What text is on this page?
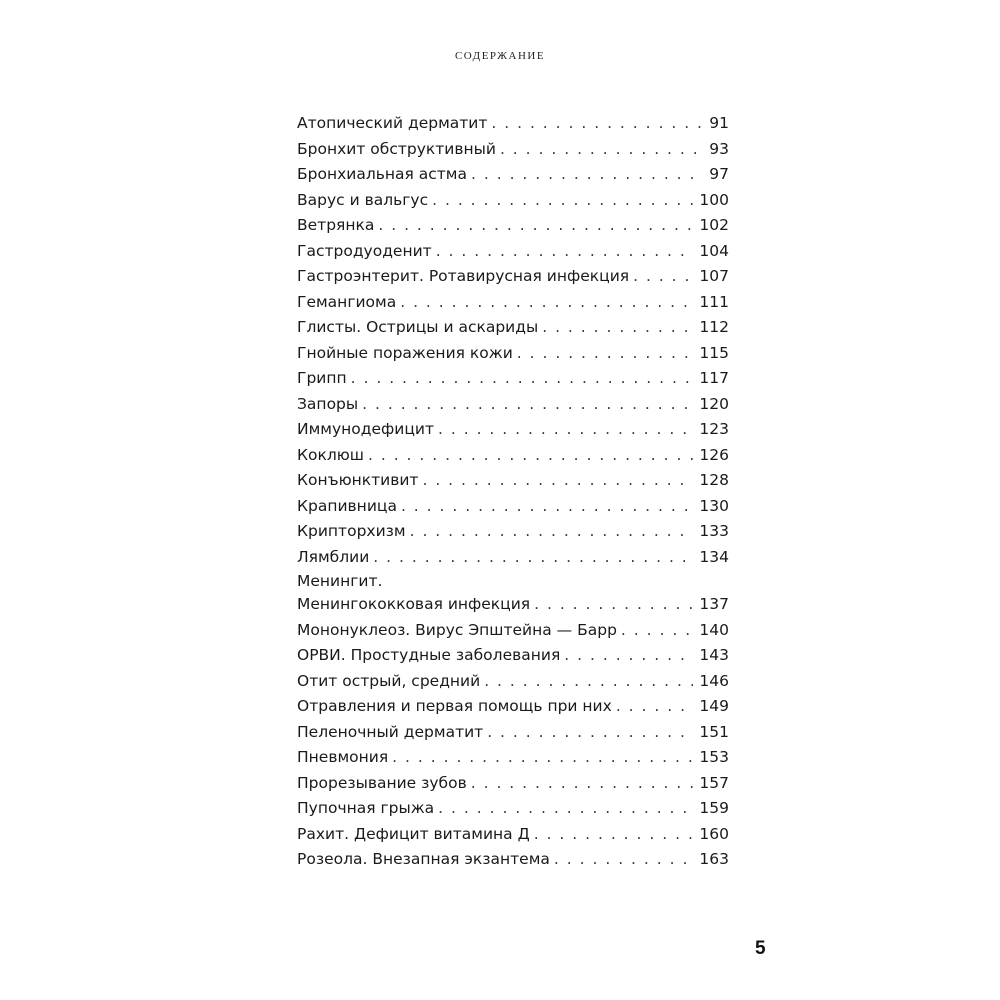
СОДЕРЖАНИЕ
Атопический дерматит . . .	91
Бронхит обструктивный . . .	93
Бронхиальная астма . . .	97
Варус и вальгус . . .	100
Ветрянка . . .	102
Гастродуоденит . . .	104
Гастроэнтерит. Ротавирусная инфекция . . .	107
Гемангиома . . .	111
Глисты. Острицы и аскариды . . .	112
Гнойные поражения кожи . . .	115
Грипп . . .	117
Запоры . . .	120
Иммунодефицит . . .	123
Коклюш . . .	126
Конъюнктивит . . .	128
Крапивница . . .	130
Крипторхизм . . .	133
Лямблии . . .	134
Менингит.
Менингококковая инфекция . . .	137
Мононуклеоз. Вирус Эпштейна — Барр . . .	140
ОРВИ. Простудные заболевания . . .	143
Отит острый, средний . . .	146
Отравления и первая помощь при них . . .	149
Пеленочный дерматит . . .	151
Пневмония . . .	153
Прорезывание зубов . . .	157
Пупочная грыжа . . .	159
Рахит. Дефицит витамина Д . . .	160
Розеола. Внезапная экзантема . . .	163
5
